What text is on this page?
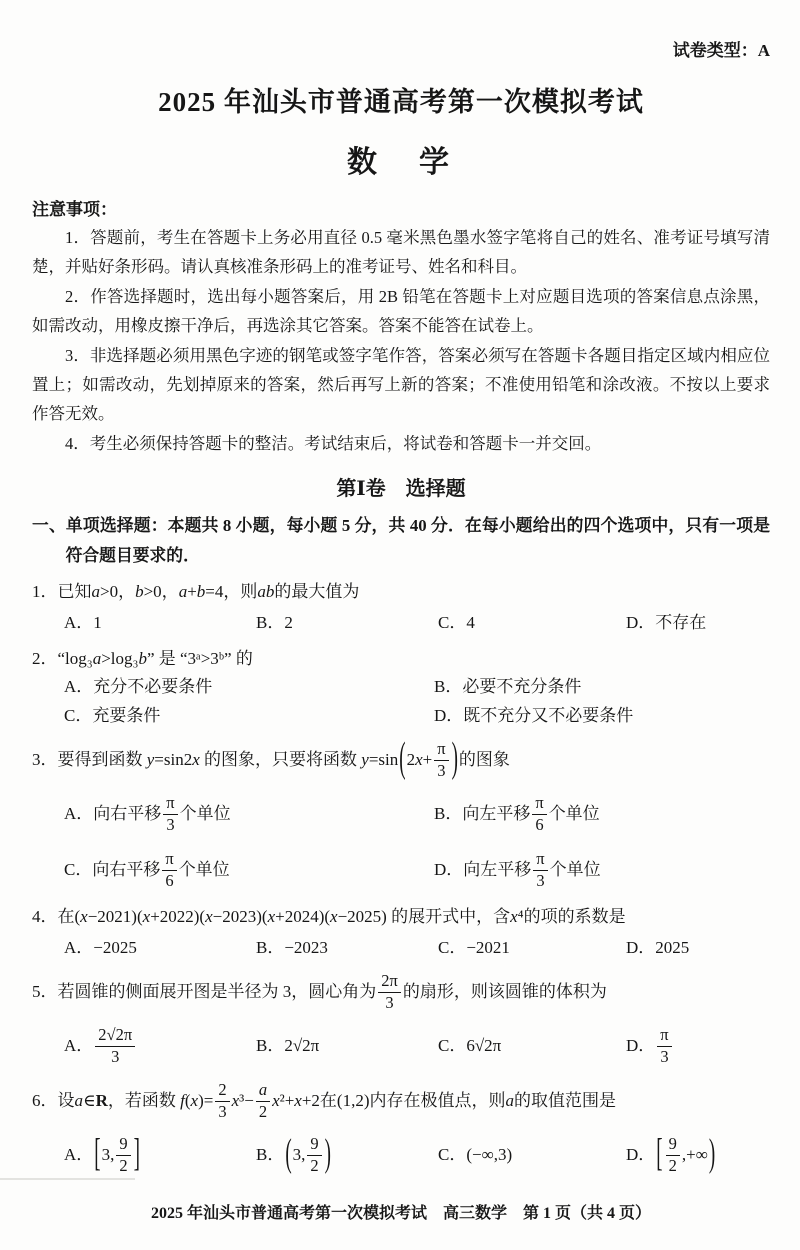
试卷类型：A
2025 年汕头市普通高考第一次模拟考试
数　学
注意事项：

1．答题前，考生在答题卡上务必用直径 0.5 毫米黑色墨水签字笔将自己的姓名、准考证号填写清楚，并贴好条形码。请认真核准条形码上的准考证号、姓名和科目。

2．作答选择题时，选出每小题答案后，用 2B 铅笔在答题卡上对应题目选项的答案信息点涂黑，如需改动，用橡皮擦干净后，再选涂其它答案。答案不能答在试卷上。

3．非选择题必须用黑色字迹的钢笔或签字笔作答，答案必须写在答题卡各题目指定区域内相应位置上；如需改动，先划掉原来的答案，然后再写上新的答案；不准使用铅笔和涂改液。不按以上要求作答无效。

4．考生必须保持答题卡的整洁。考试结束后，将试卷和答题卡一并交回。

第Ⅰ卷　选择题

一、单项选择题：本题共 8 小题，每小题 5 分，共 40 分．在每小题给出的四个选项中，只有一项是符合题目要求的．

1．已知a>0，b>0，a+b=4，则ab的最大值为

A．1	B．2	C．4	D．不存在

2．“log₃a>log₃b” 是 “3ᵃ>3ᵇ” 的

A．充分不必要条件	B．必要不充分条件
C．充要条件	D．既不充分又不必要条件
3．要得到函数 y=sin2x 的图象，只要将函数 y=sin ( $2x+ \frac{\pi}{3}$ ) 的图象
A． 向右平移 $\frac{\pi}{3}$ 个单位	B． 向左平移 $\frac{\pi}{6}$ 个单位
C． 向右平移 $\frac{\pi}{6}$ 个单位	D． 向左平移 $\frac{\pi}{3}$ 个单位

4．在(x−2021)(x+2022)(x−2023)(x+2024)(x−2025) 的展开式中，含x⁴的项的系数是

A．−2025	B．−2023	C．−2021	D．2025
5．若圆锥的侧面展开图是半径为 3，圆心角为 $\frac{2\pi}{3}$ 的扇形，则该圆锥的体积为
A． $\frac{2√2\pi}{3}$	B． 2√2π	C． 6√2π	D． $\frac{\pi}{3}$
6．设a∈R，若函数 $f(x)= \frac{2}{3} x^3- \frac{a}{2} x^2+x+2$在(1,2)内存在极值点，则a的取值范围是
A． [ 3, $\frac{9}{2}$ ]	B． ( 3, $\frac{9}{2}$ )	C． (−∞,3)	D． [ $\frac{9}{2}$ ,+∞ )
2025 年汕头市普通高考第一次模拟考试　高三数学　第 1 页（共 4 页）
